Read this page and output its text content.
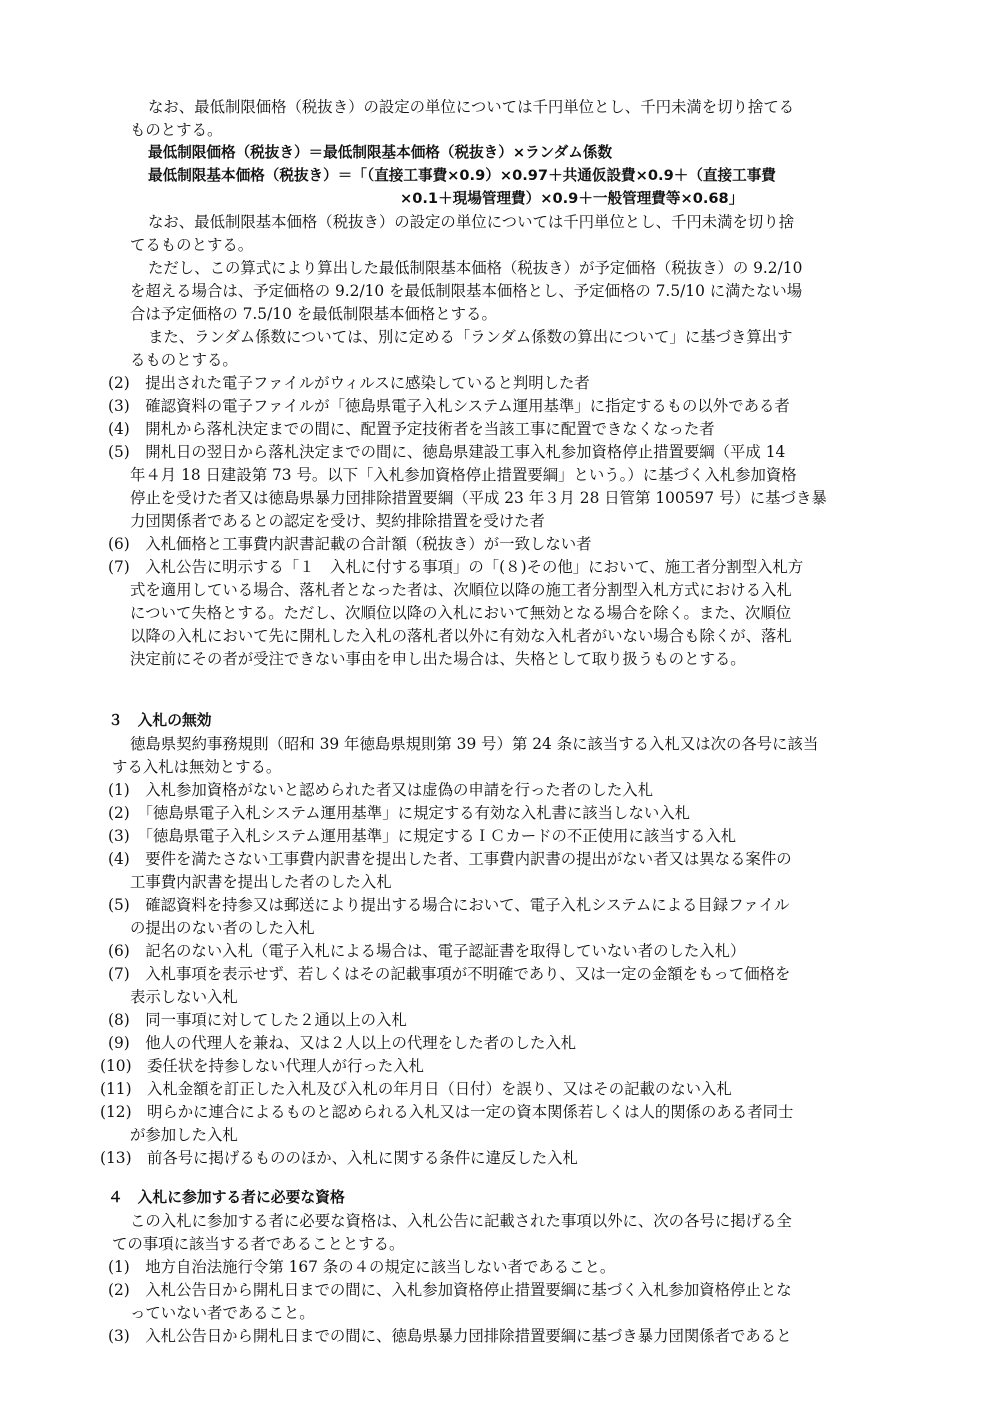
なお、最低制限価格（税抜き）の設定の単位については千円単位とし、千円未満を切り捨てる
ものとする。
最低制限価格（税抜き）＝最低制限基本価格（税抜き）×ランダム係数
最低制限基本価格（税抜き）＝「（直接工事費×0.9）×0.97＋共通仮設費×0.9＋（直接工事費
×0.1＋現場管理費）×0.9＋一般管理費等×0.68」
なお、最低制限基本価格（税抜き）の設定の単位については千円単位とし、千円未満を切り捨
てるものとする。
ただし、この算式により算出した最低制限基本価格（税抜き）が予定価格（税抜き）の 9.2/10
を超える場合は、予定価格の 9.2/10 を最低制限基本価格とし、予定価格の 7.5/10 に満たない場
合は予定価格の 7.5/10 を最低制限基本価格とする。
また、ランダム係数については、別に定める「ランダム係数の算出について」に基づき算出す
るものとする。
(2)　提出された電子ファイルがウィルスに感染していると判明した者
(3)　確認資料の電子ファイルが「徳島県電子入札システム運用基準」に指定するもの以外である者
(4)　開札から落札決定までの間に、配置予定技術者を当該工事に配置できなくなった者
(5)　開札日の翌日から落札決定までの間に、徳島県建設工事入札参加資格停止措置要綱（平成 14
年４月 18 日建設第 73 号。以下「入札参加資格停止措置要綱」という。）に基づく入札参加資格
停止を受けた者又は徳島県暴力団排除措置要綱（平成 23 年３月 28 日管第 100597 号）に基づき暴
力団関係者であるとの認定を受け、契約排除措置を受けた者
(6)　入札価格と工事費内訳書記載の合計額（税抜き）が一致しない者
(7)　入札公告に明示する「１　入札に付する事項」の「(８)その他」において、施工者分割型入札方
式を適用している場合、落札者となった者は、次順位以降の施工者分割型入札方式における入札
について失格とする。ただし、次順位以降の入札において無効となる場合を除く。また、次順位
以降の入札において先に開札した入札の落札者以外に有効な入札者がいない場合も除くが、落札
決定前にその者が受注できない事由を申し出た場合は、失格として取り扱うものとする。
３　入札の無効
徳島県契約事務規則（昭和 39 年徳島県規則第 39 号）第 24 条に該当する入札又は次の各号に該当
する入札は無効とする。
(1)　入札参加資格がないと認められた者又は虚偽の申請を行った者のした入札
(2)　「徳島県電子入札システム運用基準」に規定する有効な入札書に該当しない入札
(3)　「徳島県電子入札システム運用基準」に規定するＩＣカードの不正使用に該当する入札
(4)　要件を満たさない工事費内訳書を提出した者、工事費内訳書の提出がない者又は異なる案件の
工事費内訳書を提出した者のした入札
(5)　確認資料を持参又は郵送により提出する場合において、電子入札システムによる目録ファイル
の提出のない者のした入札
(6)　記名のない入札（電子入札による場合は、電子認証書を取得していない者のした入札）
(7)　入札事項を表示せず、若しくはその記載事項が不明確であり、又は一定の金額をもって価格を
表示しない入札
(8)　同一事項に対してした２通以上の入札
(9)　他人の代理人を兼ね、又は２人以上の代理をした者のした入札
(10)　委任状を持参しない代理人が行った入札
(11)　入札金額を訂正した入札及び入札の年月日（日付）を誤り、又はその記載のない入札
(12)　明らかに連合によるものと認められる入札又は一定の資本関係若しくは人的関係のある者同士
が参加した入札
(13)　前各号に掲げるもののほか、入札に関する条件に違反した入札
４　入札に参加する者に必要な資格
この入札に参加する者に必要な資格は、入札公告に記載された事項以外に、次の各号に掲げる全
ての事項に該当する者であることとする。
(1)　地方自治法施行令第 167 条の４の規定に該当しない者であること。
(2)　入札公告日から開札日までの間に、入札参加資格停止措置要綱に基づく入札参加資格停止とな
っていない者であること。
(3)　入札公告日から開札日までの間に、徳島県暴力団排除措置要綱に基づき暴力団関係者であると
